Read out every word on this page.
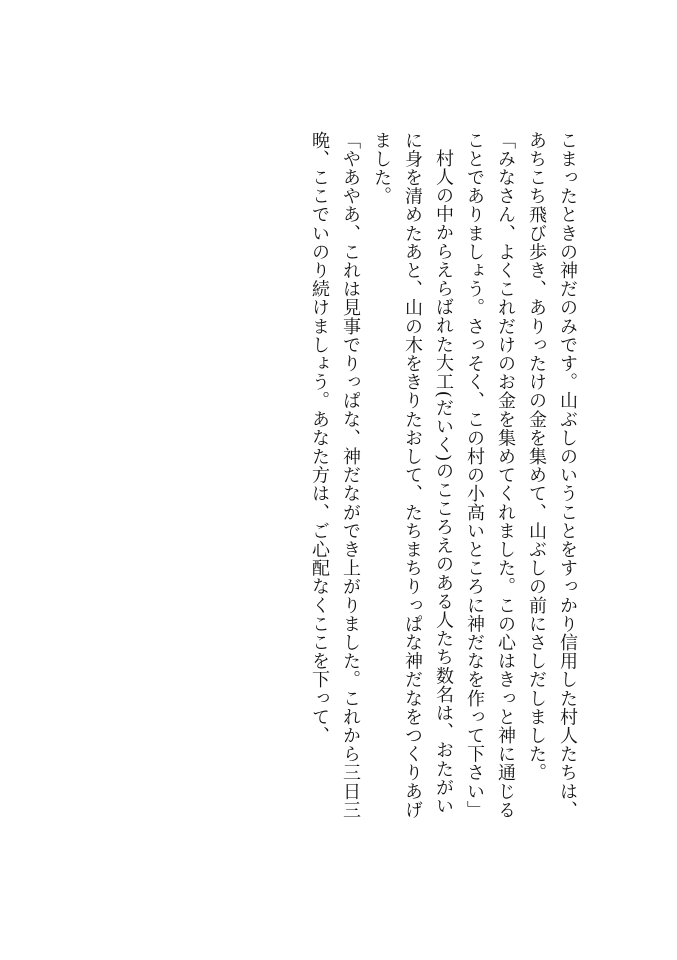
こまったときの神だのみです。山ぶしのいうことをすっかり信用した村人たちは、あちこち飛び歩き、ありったけの金を集めて、山ぶしの前にさしだしました。

「みなさん、よくこれだけのお金を集めてくれました。この心はきっと神に通じることでありましょう。さっそく、この村の小高いところに神だなを作って下さい」

村人の中からえらばれた大工(だいく)のこころえのある人たち数名は、おたがいに身を清めたあと、山の木をきりたおして、たちまちりっぱな神だなをつくりあげました。

「やあやあ、これは見事でりっぱな、神だなができ上がりました。これから三日三晩、ここでいのり続けましょう。あなた方は、ご心配なくここを下って、
